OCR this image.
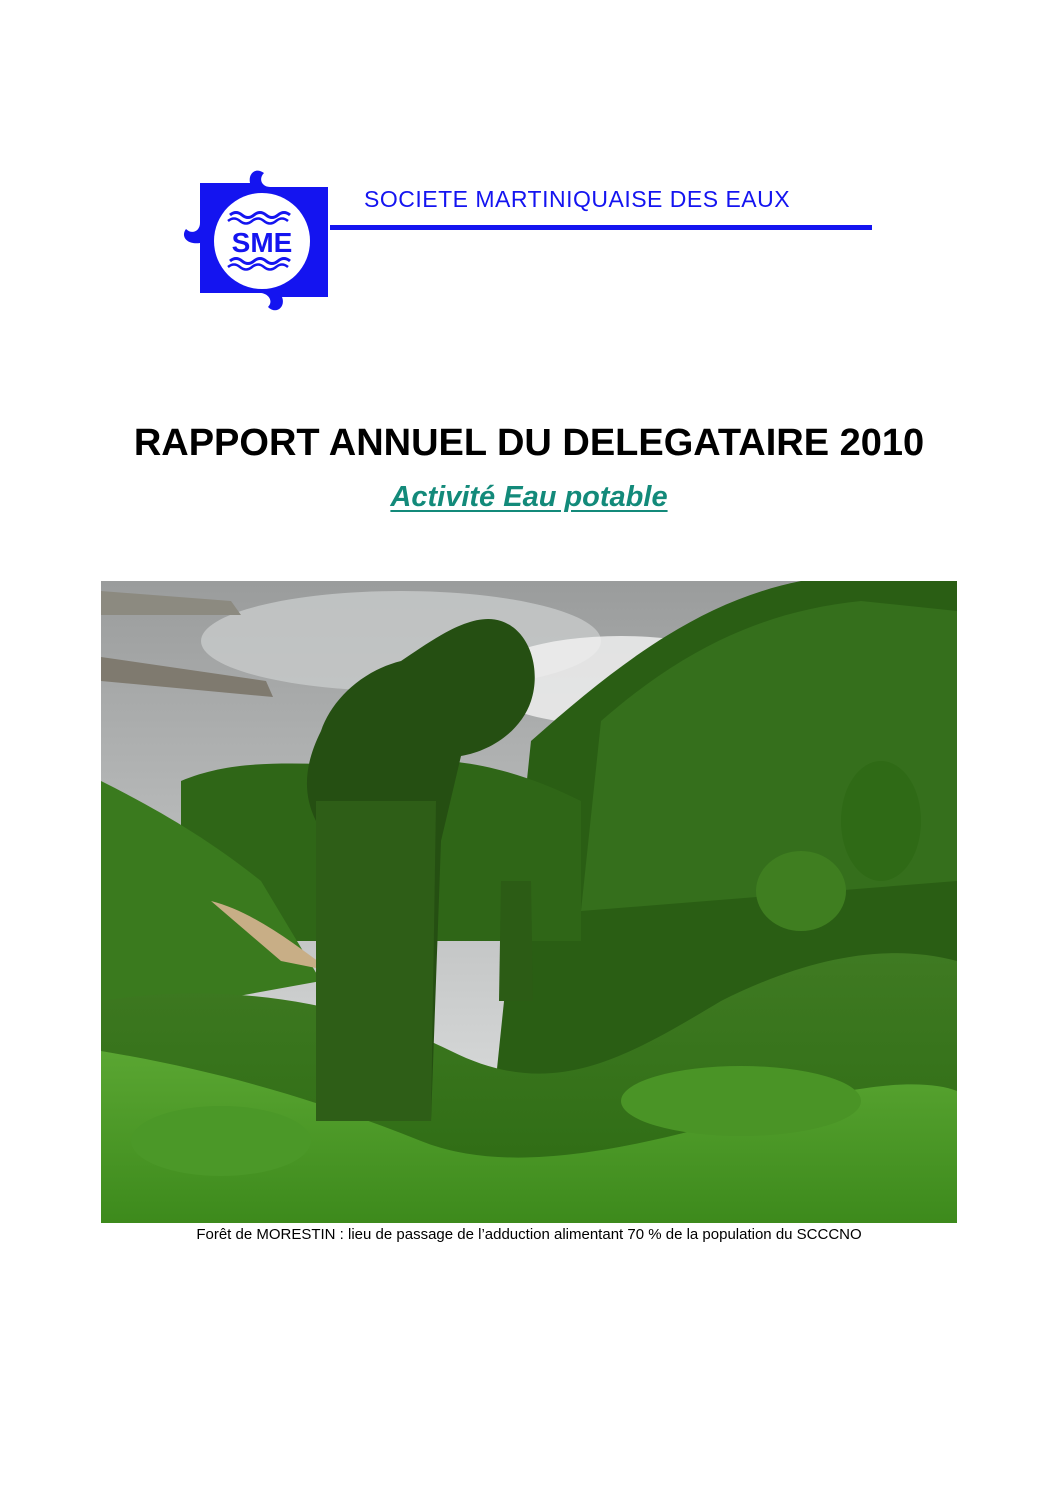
SME
SOCIETE MARTINIQUAISE DES EAUX
RAPPORT ANNUEL DU DELEGATAIRE 2010
Activité Eau potable
Forêt de MORESTIN : lieu de passage de l’adduction alimentant 70 % de la population du SCCCNO
